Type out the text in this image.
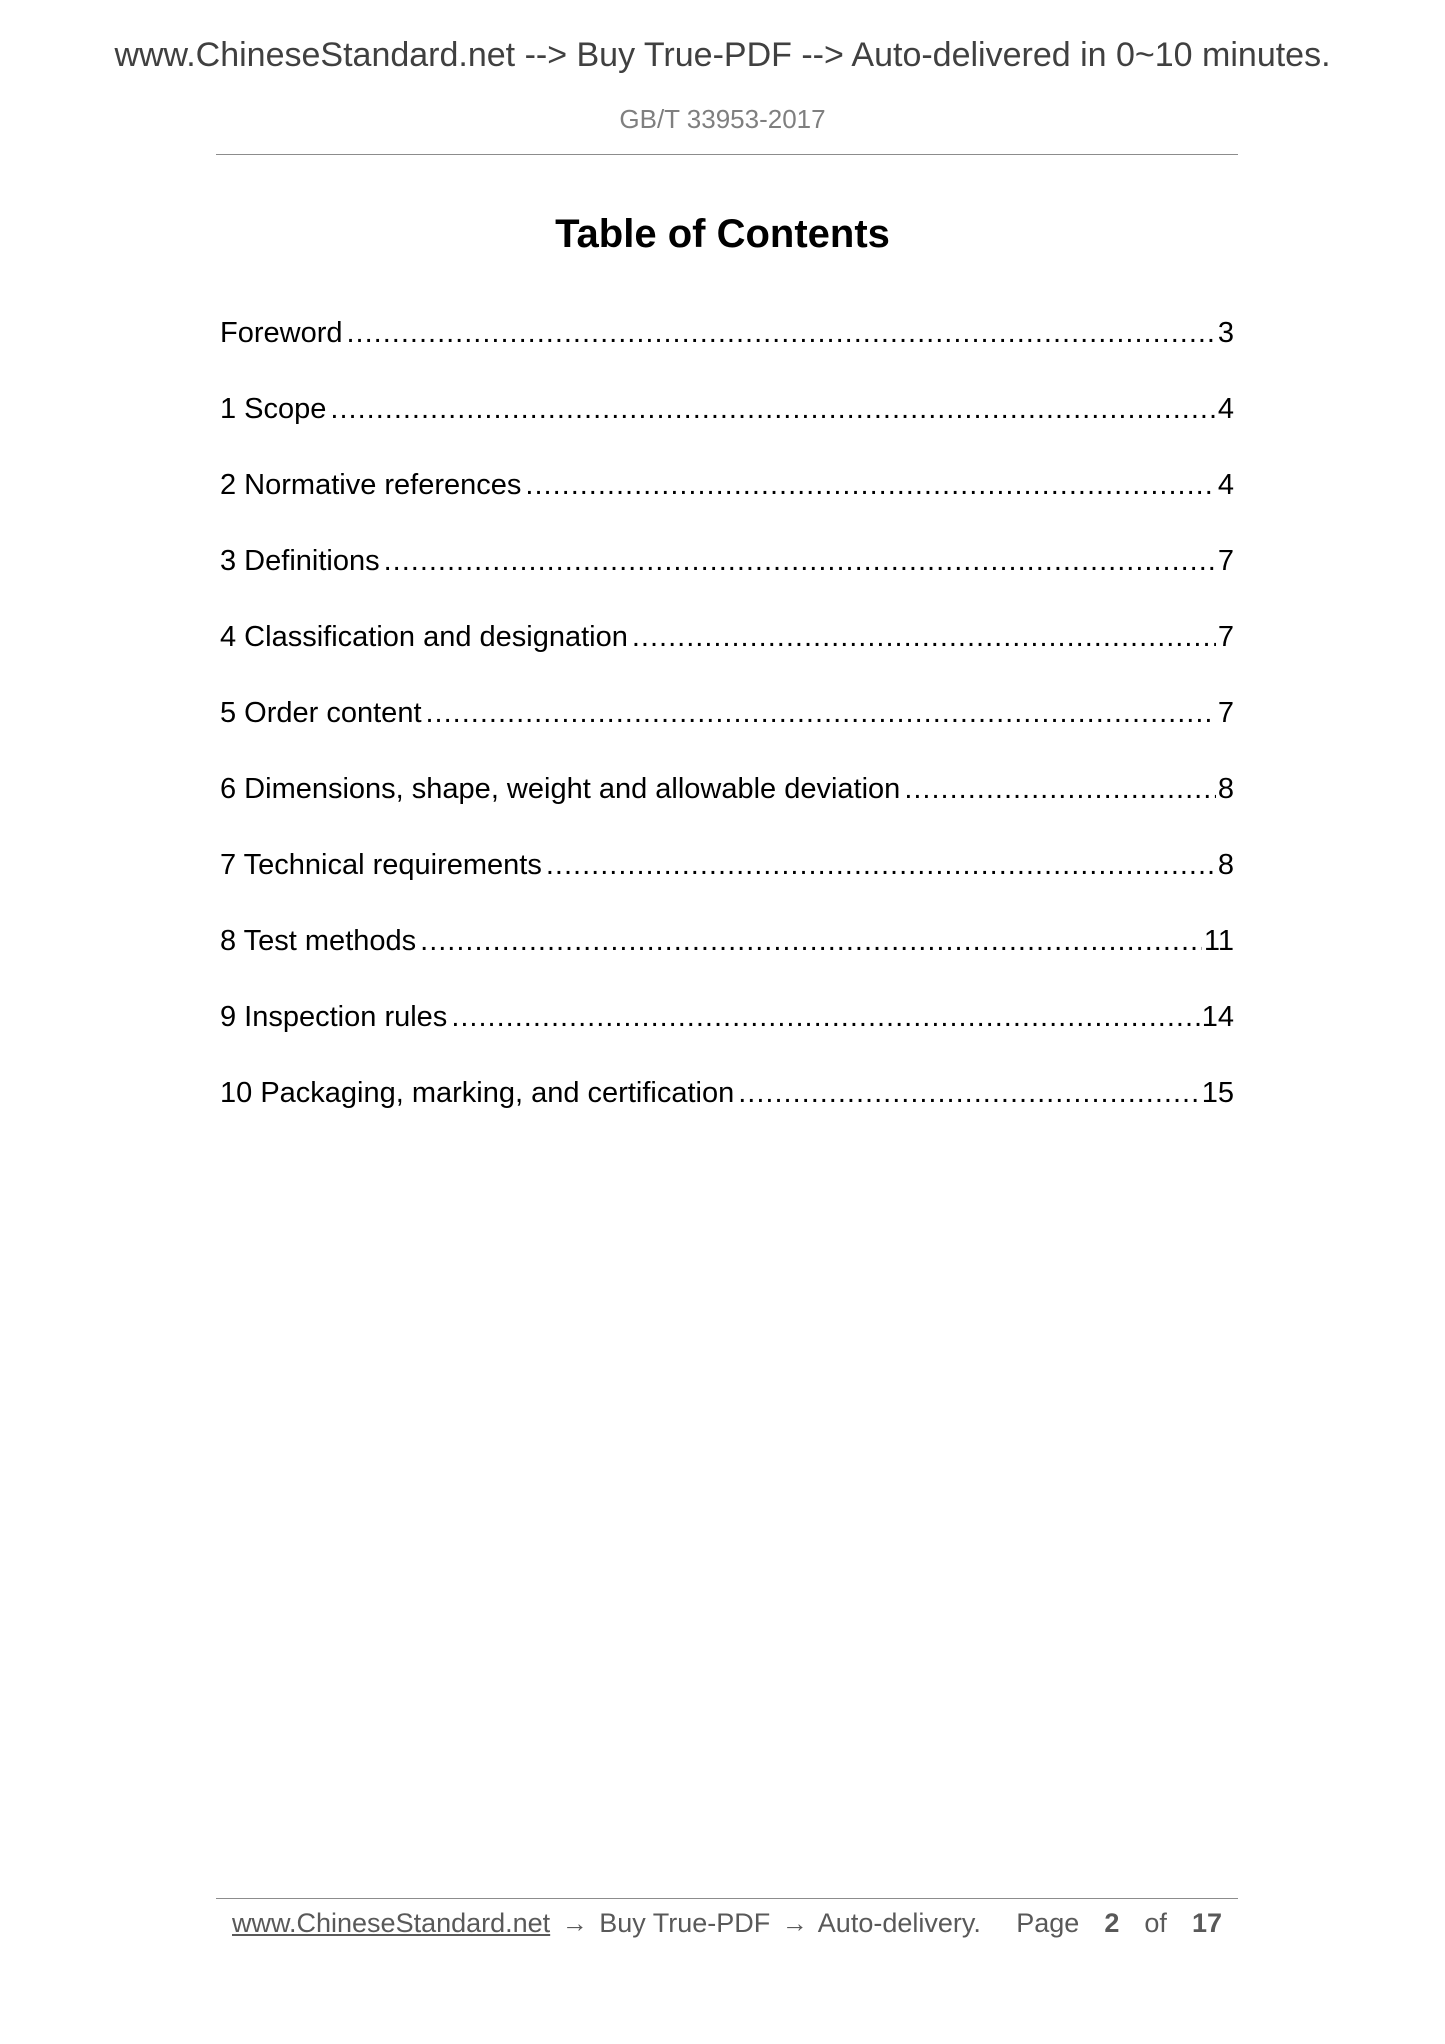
www.ChineseStandard.net --> Buy True-PDF --> Auto-delivered in 0~10 minutes.
GB/T 33953-2017
Table of Contents
Foreword .....	3
1 Scope .....	4
2 Normative references .....	4
3 Definitions .....	7
4 Classification and designation .....	7
5 Order content .....	7
6 Dimensions, shape, weight and allowable deviation .....	8
7 Technical requirements .....	8
8 Test methods .....	11
9 Inspection rules .....	14
10 Packaging, marking, and certification .....	15
www.ChineseStandard.net → Buy True-PDF → Auto-delivery. Page 2 of 17
